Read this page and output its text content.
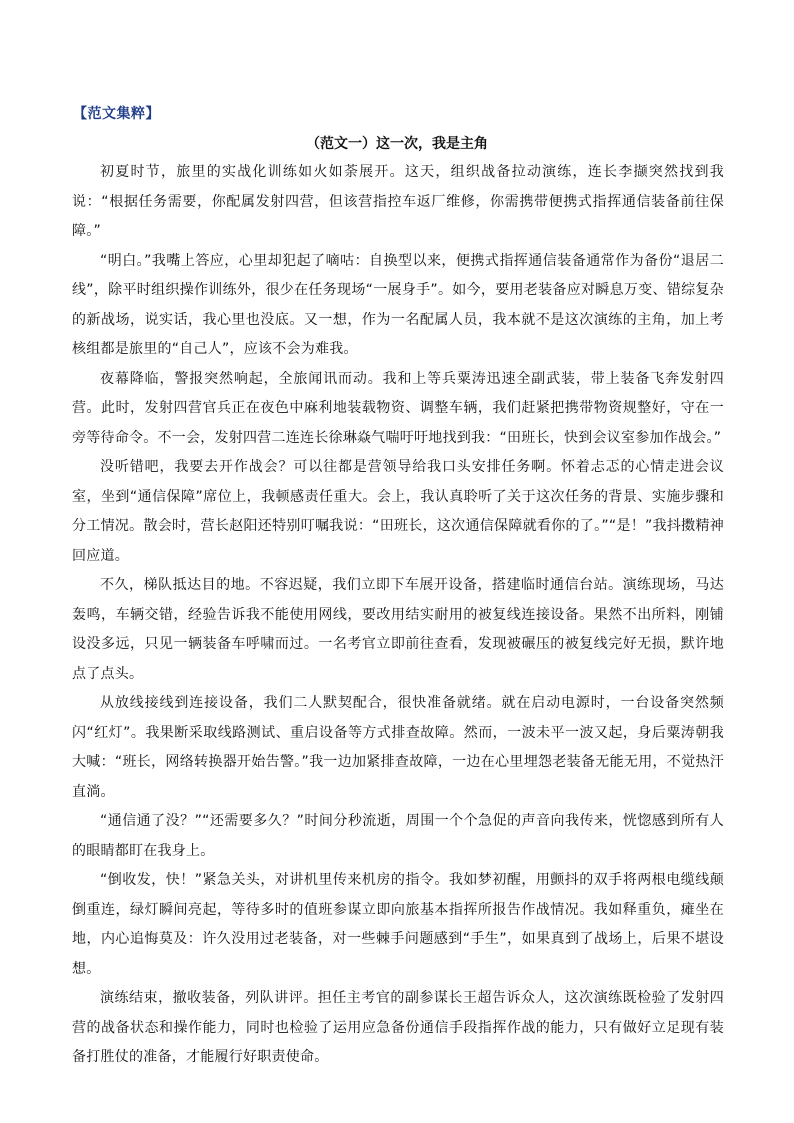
【范文集粹】
（范文一）这一次，我是主角

初夏时节，旅里的实战化训练如火如荼展开。这天，组织战备拉动演练，连长李撷突然找到我说：“根据任务需要，你配属发射四营，但该营指控车返厂维修，你需携带便携式指挥通信装备前往保障。”

“明白。”我嘴上答应，心里却犯起了嘀咕：自换型以来，便携式指挥通信装备通常作为备份“退居二线”，除平时组织操作训练外，很少在任务现场“一展身手”。如今，要用老装备应对瞬息万变、错综复杂的新战场，说实话，我心里也没底。又一想，作为一名配属人员，我本就不是这次演练的主角，加上考核组都是旅里的“自己人”，应该不会为难我。

夜幕降临，警报突然响起，全旅闻讯而动。我和上等兵粟涛迅速全副武装，带上装备飞奔发射四营。此时，发射四营官兵正在夜色中麻利地装载物资、调整车辆，我们赶紧把携带物资规整好，守在一旁等待命令。不一会，发射四营二连连长徐琳焱气喘吁吁地找到我：“田班长，快到会议室参加作战会。”

没听错吧，我要去开作战会？可以往都是营领导给我口头安排任务啊。怀着忐忑的心情走进会议室，坐到“通信保障”席位上，我顿感责任重大。会上，我认真聆听了关于这次任务的背景、实施步骤和分工情况。散会时，营长赵阳还特别叮嘱我说：“田班长，这次通信保障就看你的了。”“是！”我抖擞精神回应道。

不久，梯队抵达目的地。不容迟疑，我们立即下车展开设备，搭建临时通信台站。演练现场，马达轰鸣，车辆交错，经验告诉我不能使用网线，要改用结实耐用的被复线连接设备。果然不出所料，刚铺设没多远，只见一辆装备车呼啸而过。一名考官立即前往查看，发现被碾压的被复线完好无损，默许地点了点头。

从放线接线到连接设备，我们二人默契配合，很快准备就绪。就在启动电源时，一台设备突然频闪“红灯”。我果断采取线路测试、重启设备等方式排查故障。然而，一波未平一波又起，身后粟涛朝我大喊：“班长，网络转换器开始告警。”我一边加紧排查故障，一边在心里埋怨老装备无能无用，不觉热汗直淌。

“通信通了没？”“还需要多久？”时间分秒流逝，周围一个个急促的声音向我传来，恍惚感到所有人的眼睛都盯在我身上。

“倒收发，快！”紧急关头，对讲机里传来机房的指令。我如梦初醒，用颤抖的双手将两根电缆线颠倒重连，绿灯瞬间亮起，等待多时的值班参谋立即向旅基本指挥所报告作战情况。我如释重负，瘫坐在地，内心追悔莫及：许久没用过老装备，对一些棘手问题感到“手生”，如果真到了战场上，后果不堪设想。

演练结束，撤收装备，列队讲评。担任主考官的副参谋长王超告诉众人，这次演练既检验了发射四营的战备状态和操作能力，同时也检验了运用应急备份通信手段指挥作战的能力，只有做好立足现有装备打胜仗的准备，才能履行好职责使命。
